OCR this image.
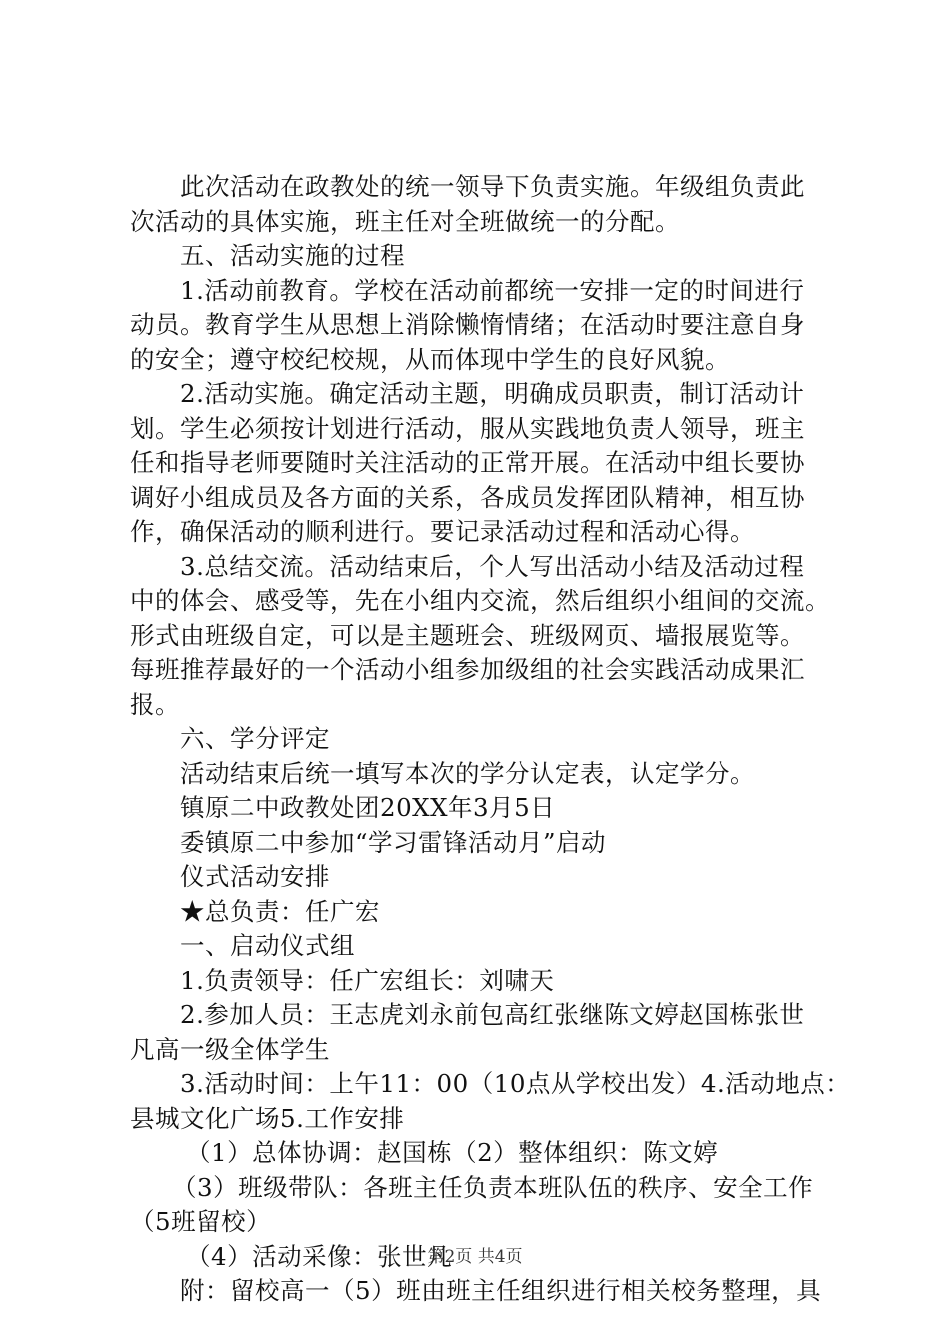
此次活动在政教处的统一领导下负责实施。年级组负责此
次活动的具体实施，班主任对全班做统一的分配。
五、活动实施的过程
1.活动前教育。学校在活动前都统一安排一定的时间进行
动员。教育学生从思想上消除懒惰情绪；在活动时要注意自身
的安全；遵守校纪校规，从而体现中学生的良好风貌。
2.活动实施。确定活动主题，明确成员职责，制订活动计
划。学生必须按计划进行活动，服从实践地负责人领导，班主
任和指导老师要随时关注活动的正常开展。在活动中组长要协
调好小组成员及各方面的关系，各成员发挥团队精神，相互协
作，确保活动的顺利进行。要记录活动过程和活动心得。
3.总结交流。活动结束后，个人写出活动小结及活动过程
中的体会、感受等，先在小组内交流，然后组织小组间的交流。
形式由班级自定，可以是主题班会、班级网页、墙报展览等。
每班推荐最好的一个活动小组参加级组的社会实践活动成果汇
报。
六、学分评定
活动结束后统一填写本次的学分认定表，认定学分。
镇原二中政教处团20XX年3月5日
委镇原二中参加“学习雷锋活动月”启动
仪式活动安排
★总负责：任广宏
一、启动仪式组
1.负责领导：任广宏组长：刘啸天
2.参加人员：王志虎刘永前包高红张继陈文婷赵国栋张世
凡高一级全体学生
3.活动时间：上午11：00（10点从学校出发）4.活动地点：
县城文化广场5.工作安排
（1）总体协调：赵国栋（2）整体组织：陈文婷
（3）班级带队：各班主任负责本班队伍的秩序、安全工作
（5班留校）
（4）活动采像：张世凡
附：留校高一（5）班由班主任组织进行相关校务整理，具
第2页 共4页
